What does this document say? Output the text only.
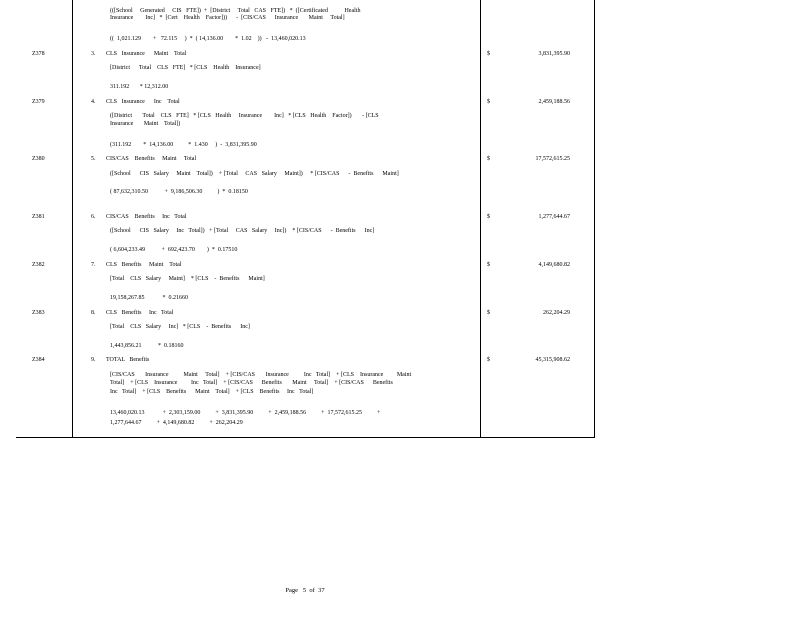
(([School     Generated     CIS   FTE])  +  [District     Total   CAS   FTE])   *  ([Certificated           Health
Insurance        Inc]   *  [Cert    Health    Factor]))      -  [CIS/CAS      Insurance       Maint     Total]
((  1,021.129        +   72.115     )  *  ( 14,136.00        *  1.02    ))   -  13,460,020.13
Z378	3. CLS   Insurance      Maint    Total
[District      Total    CLS   FTE]   * [CLS    Health    Insurance]
311.192       * 12,312.00
$	3,831,395.90
Z379	4. CLS   Insurance      Inc    Total
([District       Total    CLS   FTE]   * [CLS   Health     Insurance        Inc]   * [CLS   Health    Factor])       - [CLS
Insurance       Maint    Total])
(311.192        *  14,136.00          *  1.430     )  -  3,831,395.90
$	2,459,188.56
Z380	5. CIS/CAS    Benefits     Maint     Total
([School      CIS   Salary     Maint    Total])    + [Total     CAS   Salary     Maint])     * [CIS/CAS      -  Benefits      Maint]
( 87,632,310.50           +  9,186,506.30          )  *  0.18150
$	17,572,615.25
Z381	6. CIS/CAS    Benefits     Inc   Total
([School      CIS   Salary     Inc   Total])   + [Total     CAS   Salary     Inc])    * [CIS/CAS      -  Benefits      Inc]
( 6,604,233.49           +  692,423.70        )  *  0.17510
$	1,277,644.67
Z382	7. CLS   Benefits     Maint    Total
[Total    CLS   Salary     Maint]    * [CLS    -  Benefits      Maint]
19,158,267.85            *  0.21660
$	4,149,680.82
Z383	8. CLS   Benefits     Inc   Total
[Total    CLS   Salary     Inc]   * [CLS    -  Benefits      Inc]
1,443,856.21           *  0.18160
$	262,204.29
Z384	9. TOTAL   Benefits
[CIS/CAS       Insurance          Maint     Total]    + [CIS/CAS       Insurance          Inc   Total]    + [CLS    Insurance         Maint
Total]    + [CLS    Insurance         Inc   Total]    + [CIS/CAS      Benefits       Maint     Total]    + [CIS/CAS      Benefits
Inc   Total]    + [CLS    Benefits      Maint    Total]    + [CLS    Benefits     Inc   Total]
13,460,020.13            +  2,303,159.00          +  3,831,395.90          +  2,459,188.56          +  17,572,615.25          +
1,277,644.67          +  4,149,680.82          +  262,204.29
$	45,315,908.62
Page 5 of 37
